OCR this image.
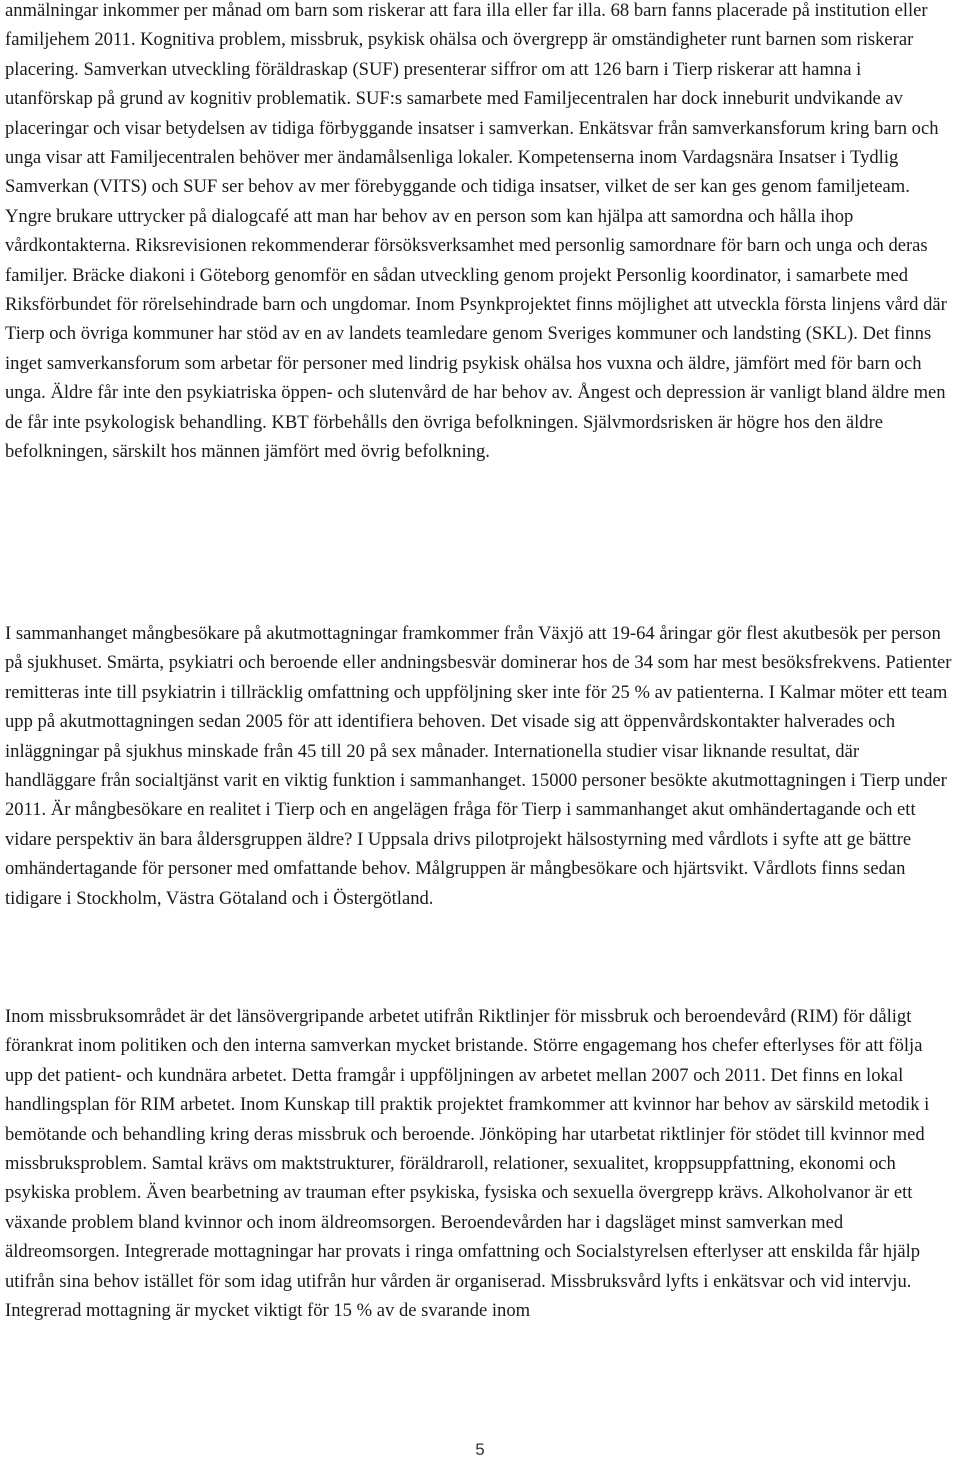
anmälningar inkommer per månad om barn som riskerar att fara illa eller far illa. 68 barn fanns placerade på institution eller familjehem 2011. Kognitiva problem, missbruk, psykisk ohälsa och övergrepp är omständigheter runt barnen som riskerar placering. Samverkan utveckling föräldraskap (SUF) presenterar siffror om att 126 barn i Tierp riskerar att hamna i utanförskap på grund av kognitiv problematik. SUF:s samarbete med Familjecentralen har dock inneburit undvikande av placeringar och visar betydelsen av tidiga förbyggande insatser i samverkan. Enkätsvar från samverkansforum kring barn och unga visar att Familjecentralen behöver mer ändamålsenliga lokaler. Kompetenserna inom Vardagsnära Insatser i Tydlig Samverkan (VITS) och SUF ser behov av mer förebyggande och tidiga insatser, vilket de ser kan ges genom familjeteam. Yngre brukare uttrycker på dialogcafé att man har behov av en person som kan hjälpa att samordna och hålla ihop vårdkontakterna. Riksrevisionen rekommenderar försöksverksamhet med personlig samordnare för barn och unga och deras familjer. Bräcke diakoni i Göteborg genomför en sådan utveckling genom projekt Personlig koordinator, i samarbete med Riksförbundet för rörelsehindrade barn och ungdomar. Inom Psynkprojektet finns möjlighet att utveckla första linjens vård där Tierp och övriga kommuner har stöd av en av landets teamledare genom Sveriges kommuner och landsting (SKL). Det finns inget samverkansforum som arbetar för personer med lindrig psykisk ohälsa hos vuxna och äldre, jämfört med för barn och unga. Äldre får inte den psykiatriska öppen- och slutenvård de har behov av. Ångest och depression är vanligt bland äldre men de får inte psykologisk behandling. KBT förbehålls den övriga befolkningen. Självmordsrisken är högre hos den äldre befolkningen, särskilt hos männen jämfört med övrig befolkning.

I sammanhanget mångbesökare på akutmottagningar framkommer från Växjö att 19-64 åringar gör flest akutbesök per person på sjukhuset. Smärta, psykiatri och beroende eller andningsbesvär dominerar hos de 34 som har mest besöksfrekvens. Patienter remitteras inte till psykiatrin i tillräcklig omfattning och uppföljning sker inte för 25 % av patienterna. I Kalmar möter ett team upp på akutmottagningen sedan 2005 för att identifiera behoven. Det visade sig att öppenvårdskontakter halverades och inläggningar på sjukhus minskade från 45 till 20 på sex månader. Internationella studier visar liknande resultat, där handläggare från socialtjänst varit en viktig funktion i sammanhanget. 15000 personer besökte akutmottagningen i Tierp under 2011. Är mångbesökare en realitet i Tierp och en angelägen fråga för Tierp i sammanhanget akut omhändertagande och ett vidare perspektiv än bara åldersgruppen äldre? I Uppsala drivs pilotprojekt hälsostyrning med vårdlots i syfte att ge bättre omhändertagande för personer med omfattande behov. Målgruppen är mångbesökare och hjärtsvikt. Vårdlots finns sedan tidigare i Stockholm, Västra Götaland och i Östergötland.

Inom missbruksområdet är det länsövergripande arbetet utifrån Riktlinjer för missbruk och beroendevård (RIM) för dåligt förankrat inom politiken och den interna samverkan mycket bristande. Större engagemang hos chefer efterlyses för att följa upp det patient- och kundnära arbetet. Detta framgår i uppföljningen av arbetet mellan 2007 och 2011. Det finns en lokal handlingsplan för RIM arbetet. Inom Kunskap till praktik projektet framkommer att kvinnor har behov av särskild metodik i bemötande och behandling kring deras missbruk och beroende. Jönköping har utarbetat riktlinjer för stödet till kvinnor med missbruksproblem. Samtal krävs om maktstrukturer, föräldraroll, relationer, sexualitet, kroppsuppfattning, ekonomi och psykiska problem. Även bearbetning av trauman efter psykiska, fysiska och sexuella övergrepp krävs. Alkoholvanor är ett växande problem bland kvinnor och inom äldreomsorgen. Beroendevården har i dagsläget minst samverkan med äldreomsorgen. Integrerade mottagningar har provats i ringa omfattning och Socialstyrelsen efterlyser att enskilda får hjälp utifrån sina behov istället för som idag utifrån hur vården är organiserad. Missbruksvård lyfts i enkätsvar och vid intervju. Integrerad mottagning är mycket viktigt för 15 % av de svarande inom

5
